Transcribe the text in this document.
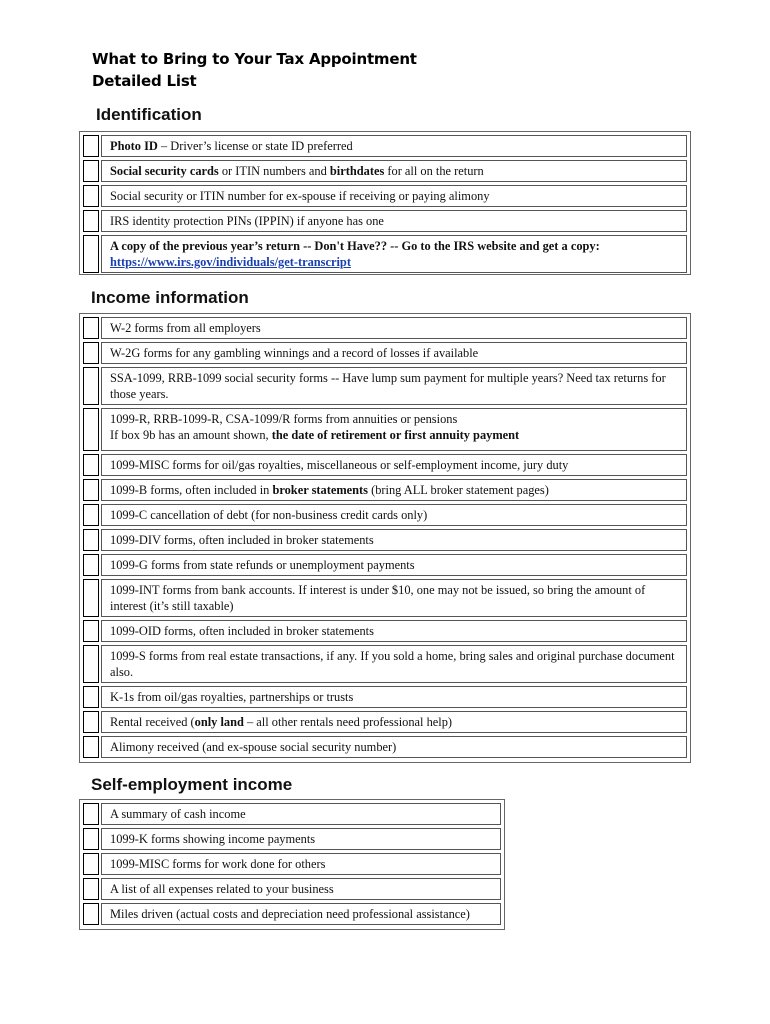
What to Bring to Your Tax Appointment
Detailed List
Identification
Photo ID – Driver’s license or state ID preferred
Social security cards or ITIN numbers and birthdates for all on the return
Social security or ITIN number for ex-spouse if receiving or paying alimony
IRS identity protection PINs (IPPIN) if anyone has one
A copy of the previous year’s return -- Don't Have?? -- Go to the IRS website and get a copy:
https://www.irs.gov/individuals/get-transcript
Income information
W-2 forms from all employers
W-2G forms for any gambling winnings and a record of losses if available
SSA-1099, RRB-1099 social security forms -- Have lump sum payment for multiple years? Need tax returns for those years.
1099-R, RRB-1099-R, CSA-1099/R forms from annuities or pensions
If box 9b has an amount shown, the date of retirement or first annuity payment
1099-MISC forms for oil/gas royalties, miscellaneous or self-employment income, jury duty
1099-B forms, often included in broker statements (bring ALL broker statement pages)
1099-C cancellation of debt (for non-business credit cards only)
1099-DIV forms, often included in broker statements
1099-G forms from state refunds or unemployment payments
1099-INT forms from bank accounts. If interest is under $10, one may not be issued, so bring the amount of interest (it’s still taxable)
1099-OID forms, often included in broker statements
1099-S forms from real estate transactions, if any. If you sold a home, bring sales and original purchase document also.
K-1s from oil/gas royalties, partnerships or trusts
Rental received (only land – all other rentals need professional help)
Alimony received (and ex-spouse social security number)
Self-employment income
A summary of cash income
1099-K forms showing income payments
1099-MISC forms for work done for others
A list of all expenses related to your business
Miles driven (actual costs and depreciation need professional assistance)
